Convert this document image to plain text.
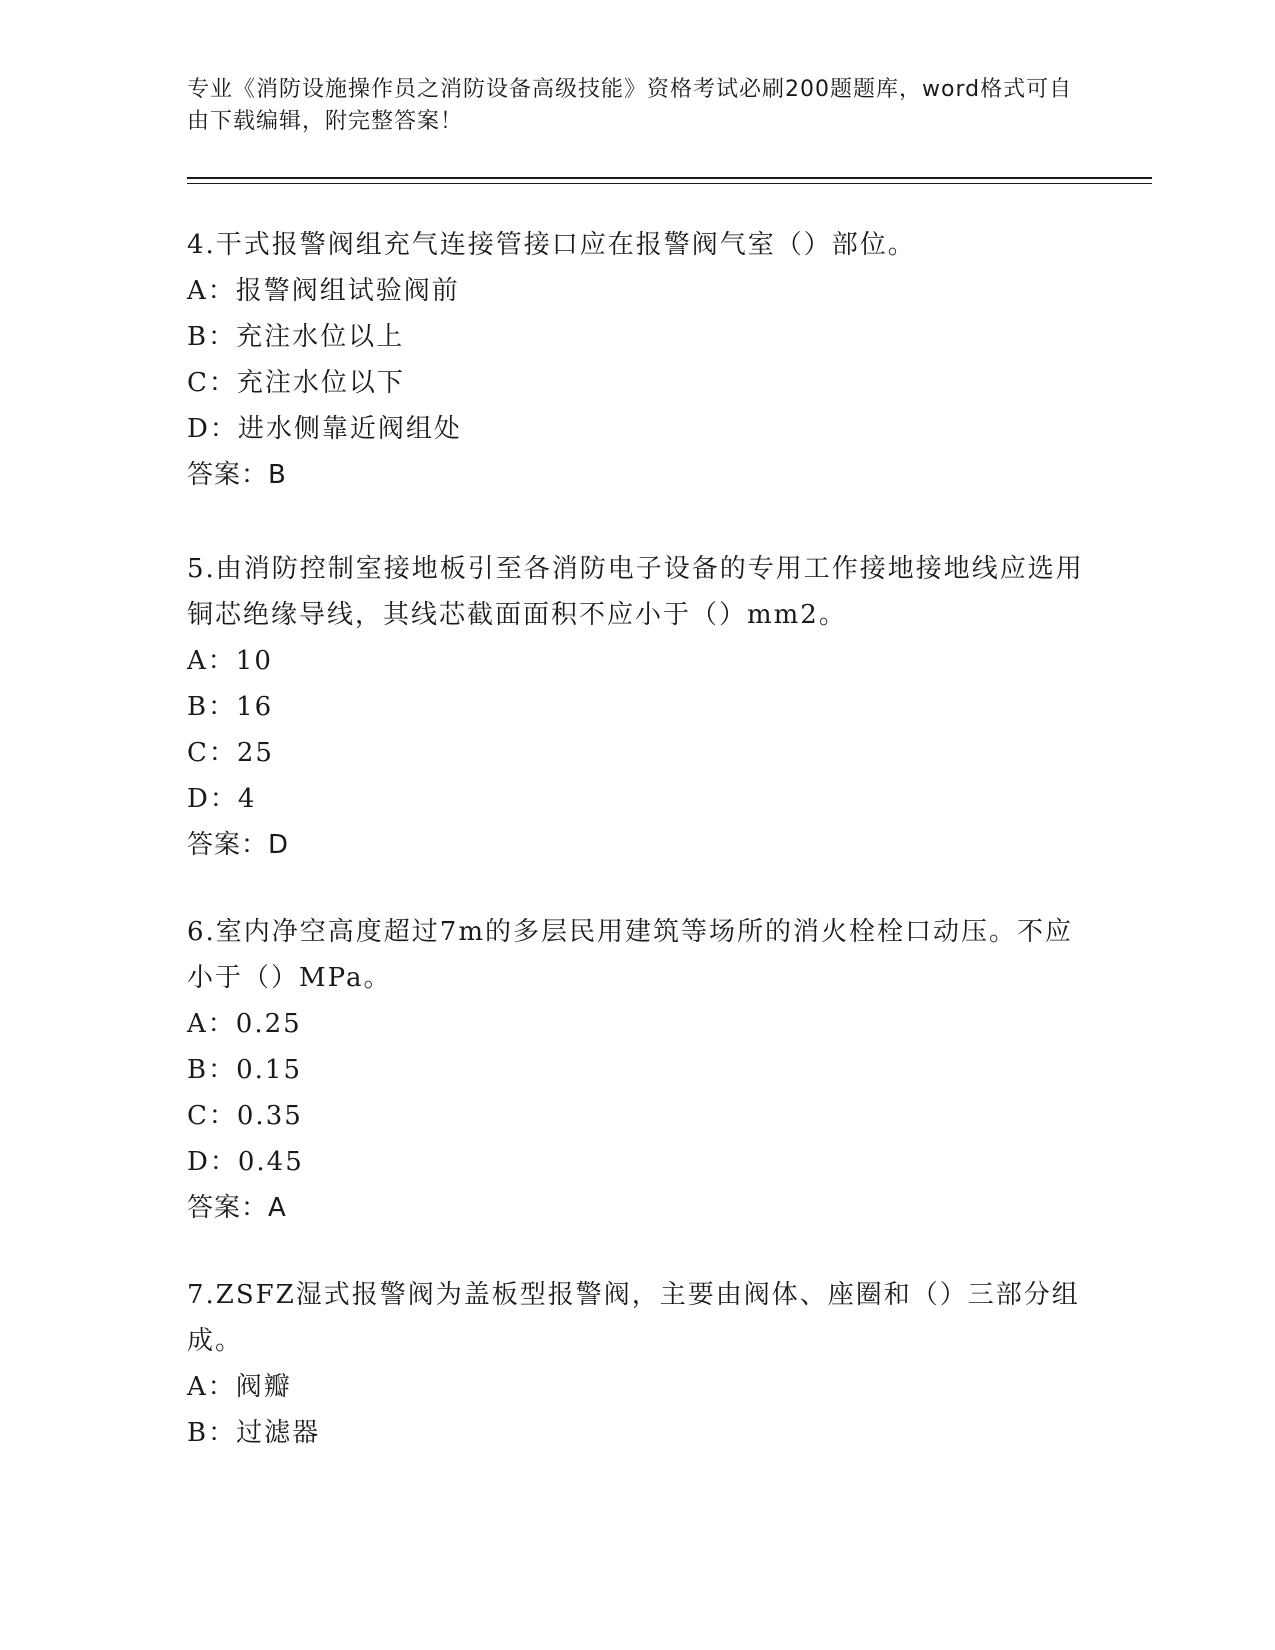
专业《消防设施操作员之消防设备高级技能》资格考试必刷200题题库，word格式可自由下载编辑，附完整答案！
4.干式报警阀组充气连接管接口应在报警阀气室（）部位。
A：报警阀组试验阀前
B：充注水位以上
C：充注水位以下
D：进水侧靠近阀组处
答案：B
5.由消防控制室接地板引至各消防电子设备的专用工作接地接地线应选用铜芯绝缘导线，其线芯截面面积不应小于（）mm2。
A：10
B：16
C：25
D：4
答案：D
6.室内净空高度超过7m的多层民用建筑等场所的消火栓栓口动压。不应小于（）MPa。
A：0.25
B：0.15
C：0.35
D：0.45
答案：A
7.ZSFZ湿式报警阀为盖板型报警阀，主要由阀体、座圈和（）三部分组成。
A：阀瓣
B：过滤器
